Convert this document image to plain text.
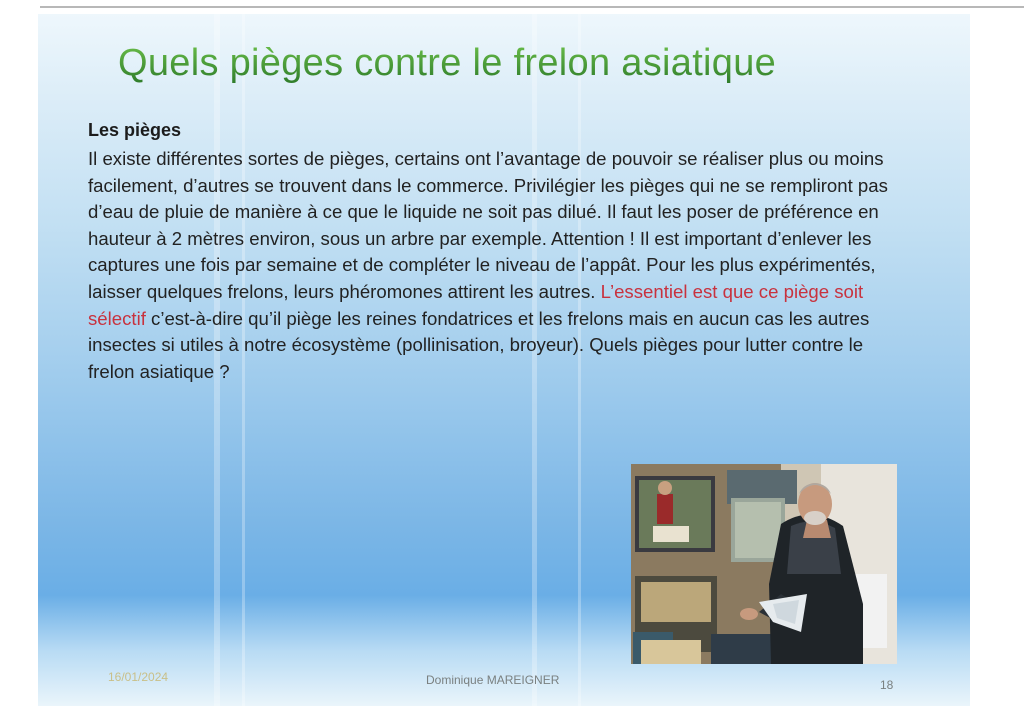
Quels pièges contre le frelon asiatique
Les pièges

Il existe différentes sortes de pièges, certains ont l’avantage de pouvoir se réaliser plus ou moins facilement, d’autres se trouvent dans le commerce. Privilégier les pièges qui ne se rempliront pas d’eau de pluie de manière à ce que le liquide ne soit pas dilué. Il faut les poser de préférence en hauteur à 2 mètres environ, sous un arbre par exemple. Attention ! Il est important d’enlever les captures une fois par semaine et de compléter le niveau de l’appât. Pour les plus expérimentés, laisser quelques frelons, leurs phéromones attirent les autres. L’essentiel est que ce piège soit sélectif c’est-à-dire qu’il piège les reines fondatrices et les frelons mais en aucun cas les autres insectes si utiles à notre écosystème (pollinisation, broyeur). Quels pièges pour lutter contre le frelon asiatique ?

16/01/2024	Dominique MAREIGNER	18
